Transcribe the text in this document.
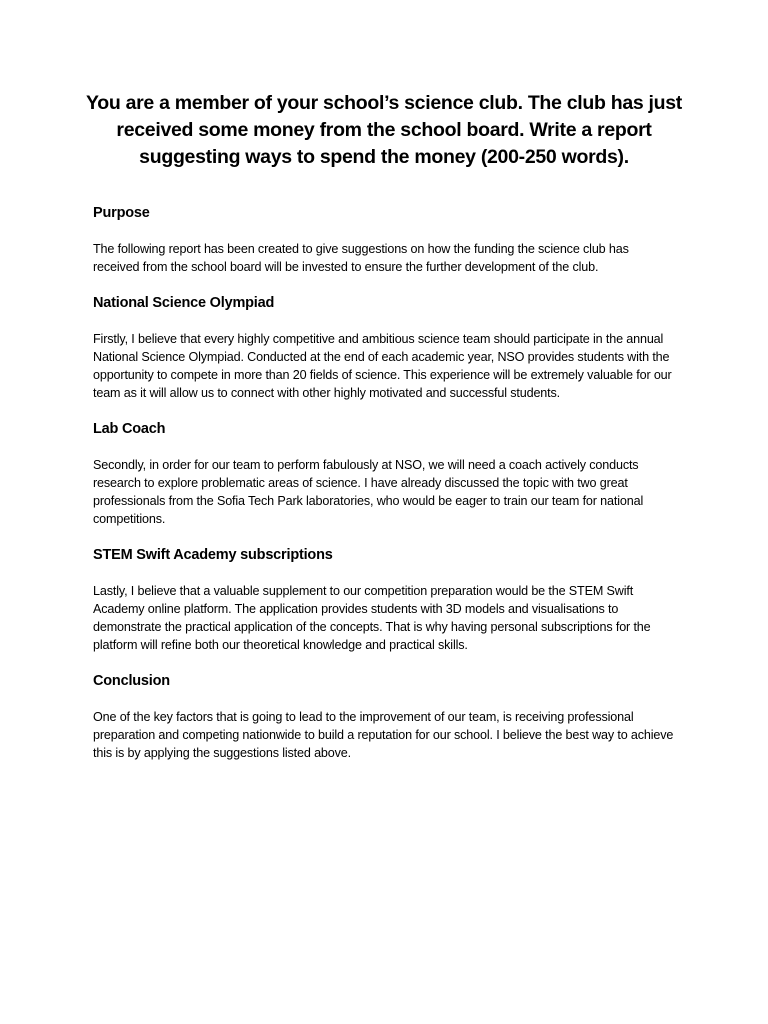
You are a member of your school’s science club. The club has just received some money from the school board. Write a report suggesting ways to spend the money (200-250 words).
Purpose

The following report has been created to give suggestions on how the funding the science club has received from the school board will be invested to ensure the further development of the club.

National Science Olympiad

Firstly, I believe that every highly competitive and ambitious science team should participate in the annual National Science Olympiad. Conducted at the end of each academic year, NSO provides students with the opportunity to compete in more than 20 fields of science. This experience will be extremely valuable for our team as it will allow us to connect with other highly motivated and successful students.

Lab Coach

Secondly, in order for our team to perform fabulously at NSO, we will need a coach actively conducts research to explore problematic areas of science. I have already discussed the topic with two great professionals from the Sofia Tech Park laboratories, who would be eager to train our team for national competitions.

STEM Swift Academy subscriptions

Lastly, I believe that a valuable supplement to our competition preparation would be the STEM Swift Academy online platform. The application provides students with 3D models and visualisations to demonstrate the practical application of the concepts. That is why having personal subscriptions for the platform will refine both our theoretical knowledge and practical skills.

Conclusion

One of the key factors that is going to lead to the improvement of our team, is receiving professional preparation and competing nationwide to build a reputation for our school. I believe the best way to achieve this is by applying the suggestions listed above.
